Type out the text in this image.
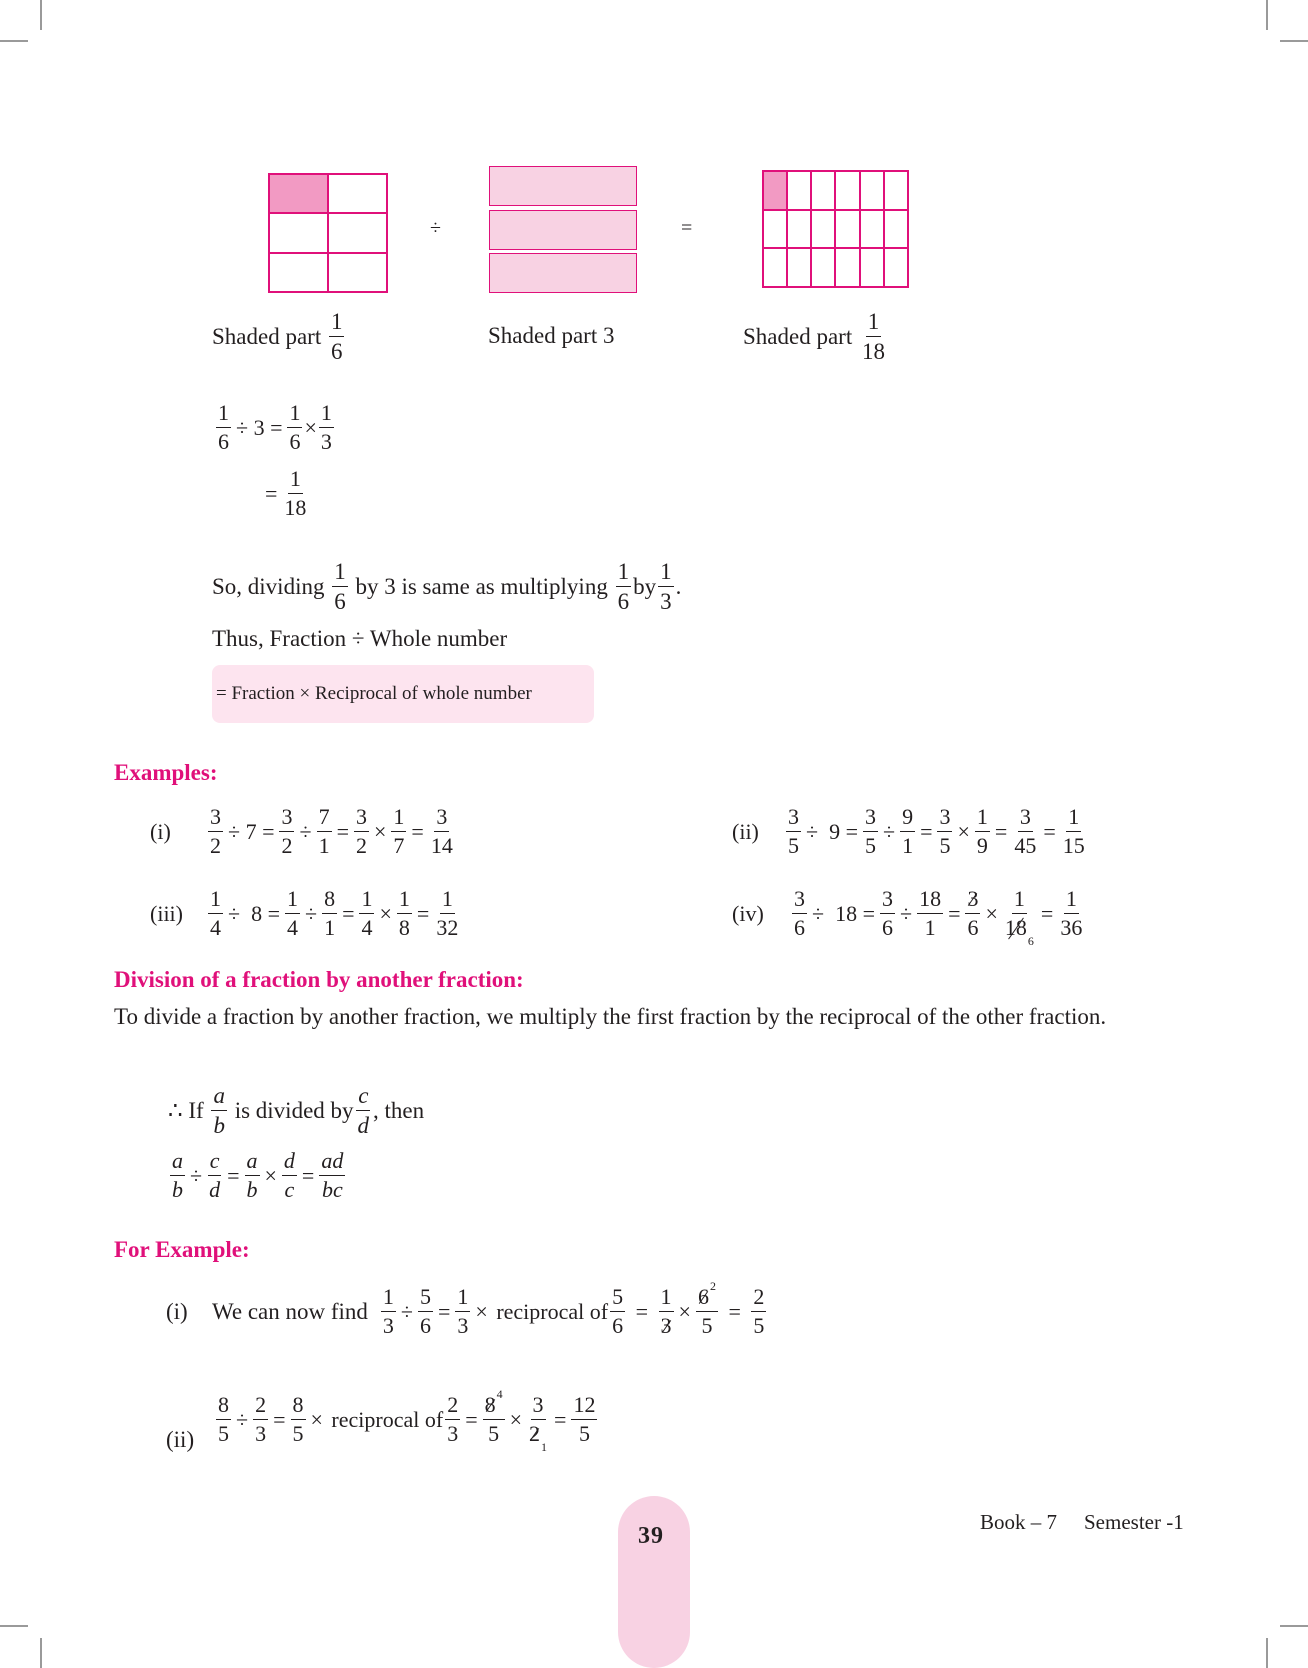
÷	=
Shaded part

1
6
Shaded part 3	Shaded part

1
18
$\frac{1}{6} \div 3 = \frac{1}{6} \times \frac{1}{3}$
= $\frac{1}{18}$
So, dividing

1
6

by 3 is same as multiplying

1
6
by
1
3
.
Thus, Fraction ÷ Whole number
= Fraction × Reciprocal of whole number
Examples:
(i)	$\frac{3}{2} \div 7 = \frac{3}{2} \div \frac{7}{1} = \frac{3}{2} \times \frac{1}{7} = \frac{3}{14}$	(ii)	$\frac{3}{5} \div 9 = \frac{3}{5} \div \frac{9}{1} = \frac{3}{5} \times \frac{1}{9} = \frac{3}{45} = \frac{1}{15}$
(iii)	$\frac{1}{4} \div 8 = \frac{1}{4} \div \frac{8}{1} = \frac{1}{4} \times \frac{1}{8} = \frac{1}{32}$	(iv)	$\frac{3}{6} \div 18 = \frac{3}{6} \div \frac{18}{1} = \frac{3}{6} \times \frac{1}{18_6} = \frac{1}{36}$
Division of a fraction by another fraction:
To divide a fraction by another fraction, we multiply the first fraction by the reciprocal of the other fraction.
∴ If

a
b

is divided by
c
d
, then
$\frac{a}{b} \div \frac{c}{d} = \frac{a}{b} \times \frac{d}{c} = \frac{ad}{bc}$
For Example:
(i)	We can now find
$\frac{1}{3} \div \frac{5}{6} = \frac{1}{3}$ ×
reciprocal of $\frac{5}{6} = \frac{1}{3} \times \frac{6^2}{5} = \frac{2}{5}$
$(ii) \frac{8}{5} \div \frac{2}{3} = \frac{8}{5}$ ×
reciprocal of $\frac{2}{3} = \frac{8^4}{5} \times \frac{3}{2_1} = \frac{12}{5}$
39
Book – 7 Semester -1
